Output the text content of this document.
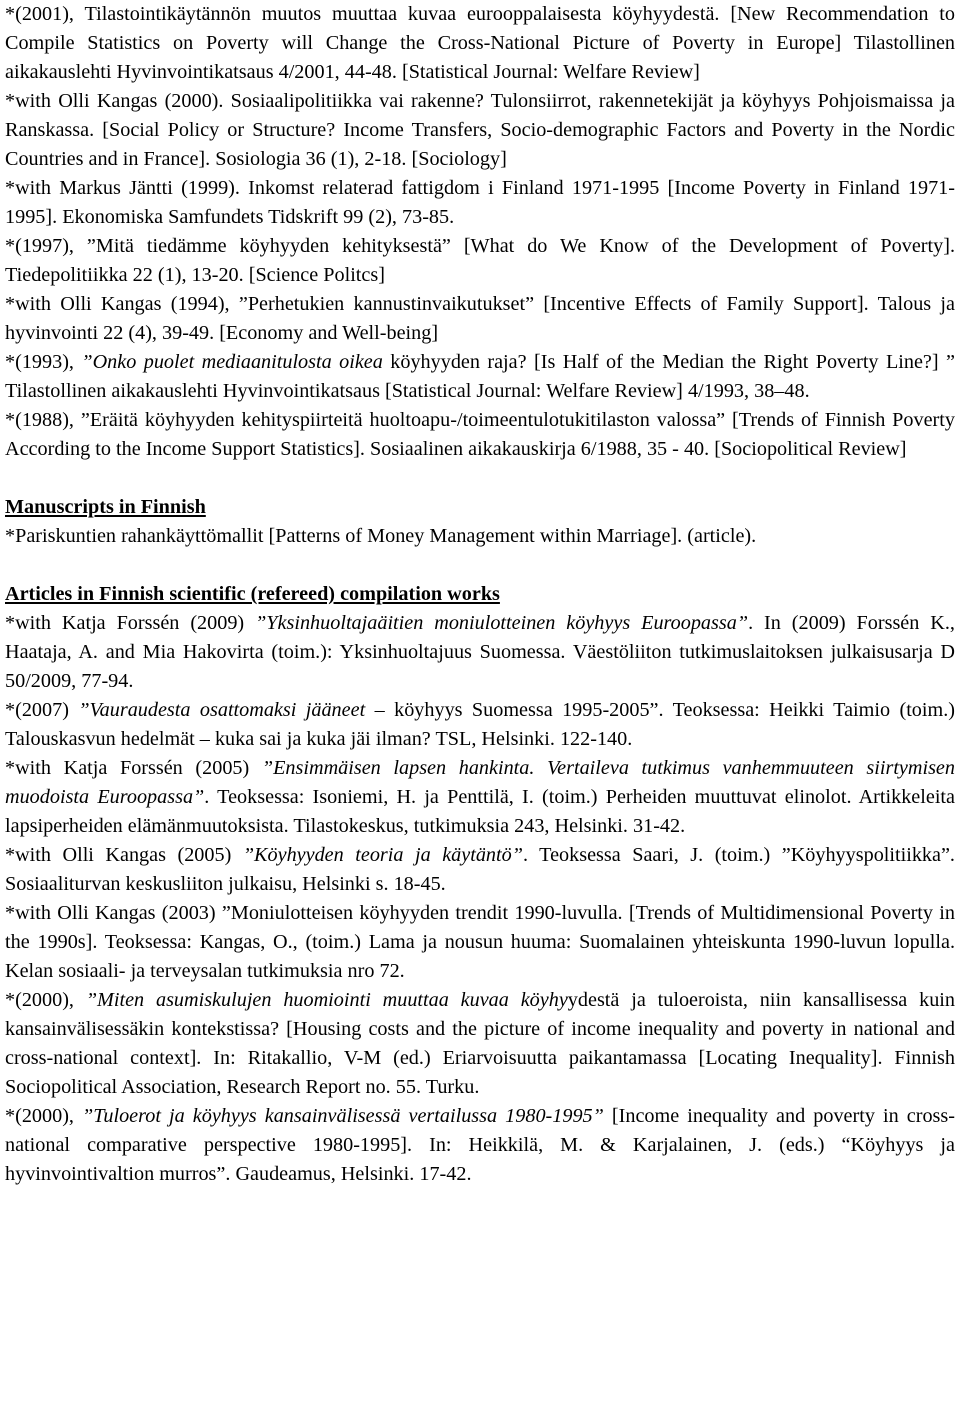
*(2001), Tilastointikäytännön muutos muuttaa kuvaa eurooppalaisesta köyhyydestä. [New Recommendation to Compile Statistics on Poverty will Change the Cross-National Picture of Poverty in Europe] Tilastollinen aikakauslehti Hyvinvointikatsaus 4/2001, 44-48. [Statistical Journal: Welfare Review]

*with Olli Kangas (2000). Sosiaalipolitiikka vai rakenne? Tulonsiirrot, rakennetekijät ja köyhyys Pohjoismaissa ja Ranskassa. [Social Policy or Structure? Income Transfers, Socio-demographic Factors and Poverty in the Nordic Countries and in France]. Sosiologia 36 (1), 2-18. [Sociology]

*with Markus Jäntti (1999). Inkomst relaterad fattigdom i Finland 1971-1995 [Income Poverty in Finland 1971-1995]. Ekonomiska Samfundets Tidskrift 99 (2), 73-85.

*(1997), ”Mitä tiedämme köyhyyden kehityksestä” [What do We Know of the Development of Poverty]. Tiedepolitiikka 22 (1), 13-20. [Science Politcs]

*with Olli Kangas (1994), ”Perhetukien kannustinvaikutukset” [Incentive Effects of Family Support]. Talous ja hyvinvointi 22 (4), 39-49. [Economy and Well-being]

*(1993), ”Onko puolet mediaanitulosta oikea köyhyyden raja? [Is Half of the Median the Right Poverty Line?] ” Tilastollinen aikakauslehti Hyvinvointikatsaus [Statistical Journal: Welfare Review] 4/1993, 38–48.

*(1988), ”Eräitä köyhyyden kehityspiirteitä huoltoapu-/toimeentulotukitilaston valossa” [Trends of Finnish Poverty According to the Income Support Statistics]. Sosiaalinen aikakauskirja 6/1988, 35 - 40. [Sociopolitical Review]

Manuscripts in Finnish

*Pariskuntien rahankäyttömallit [Patterns of Money Management within Marriage]. (article).

Articles in Finnish scientific (refereed) compilation works

*with Katja Forssén (2009) ”Yksinhuoltajaäitien moniulotteinen köyhyys Euroopassa”. In (2009) Forssén K., Haataja, A. and Mia Hakovirta (toim.): Yksinhuoltajuus Suomessa. Väestöliiton tutkimuslaitoksen julkaisusarja D 50/2009, 77-94.

*(2007) ”Vauraudesta osattomaksi jääneet – köyhyys Suomessa 1995-2005”. Teoksessa: Heikki Taimio (toim.) Talouskasvun hedelmät – kuka sai ja kuka jäi ilman? TSL, Helsinki. 122-140.

*with Katja Forssén (2005) ”Ensimmäisen lapsen hankinta. Vertaileva tutkimus vanhemmuuteen siirtymisen muodoista Euroopassa”. Teoksessa: Isoniemi, H. ja Penttilä, I. (toim.) Perheiden muuttuvat elinolot. Artikkeleita lapsiperheiden elämänmuutoksista. Tilastokeskus, tutkimuksia 243, Helsinki. 31-42.

*with Olli Kangas (2005) ”Köyhyyden teoria ja käytäntö”. Teoksessa Saari, J. (toim.) ”Köyhyyspolitiikka”. Sosiaaliturvan keskusliiton julkaisu, Helsinki s. 18-45.

*with Olli Kangas (2003) ”Moniulotteisen köyhyyden trendit 1990-luvulla. [Trends of Multidimensional Poverty in the 1990s]. Teoksessa: Kangas, O., (toim.) Lama ja nousun huuma: Suomalainen yhteiskunta 1990-luvun lopulla. Kelan sosiaali- ja terveysalan tutkimuksia nro 72.

*(2000), ”Miten asumiskulujen huomiointi muuttaa kuvaa köyhyydestä ja tuloeroista, niin kansallisessa kuin kansainvälisessäkin kontekstissa? [Housing costs and the picture of income inequality and poverty in national and cross-national context]. In: Ritakallio, V-M (ed.) Eriarvoisuutta paikantamassa [Locating Inequality]. Finnish Sociopolitical Association, Research Report no. 55. Turku.

*(2000), ”Tuloerot ja köyhyys kansainvälisessä vertailussa 1980-1995” [Income inequality and poverty in cross-national comparative perspective 1980-1995]. In: Heikkilä, M. & Karjalainen, J. (eds.) “Köyhyys ja hyvinvointivaltion murros”. Gaudeamus, Helsinki. 17-42.
